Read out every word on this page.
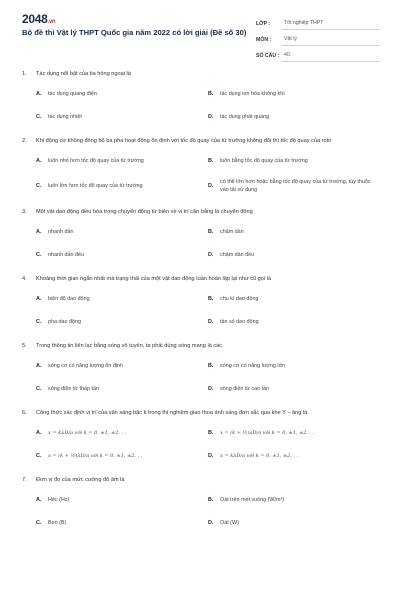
2048.vn
Bộ đề thi Vật lý THPT Quốc gia năm 2022 có lời giải (Đề số 30)
LỚP :	Tốt nghiệp THPT
MÔN :	Vật lý
SỐ CÂU : 40
1.	Tác dụng nổi bật của tia hồng ngoại là
A.	tác dụng quang điện	B.	tác dụng ion hóa không khí
C.	tác dụng nhiệt	D.	tác dụng phát quang
2.	Khi động cơ không đồng bộ ba pha hoạt động ổn định với tốc độ quay của từ trường không đổi thì tốc độ quay của roto
A.	luôn nhỏ hơn tốc độ quay của từ trường	B.	luôn bằng tốc độ quay của từ trường
C.	luôn lớn hơn tốc độ quay của từ trường	D.
có thể lớn hơn hoặc bằng tốc độ quay của từ trường, tùy thuộc vào tải sử dụng
3.	Một vật dao động điều hòa trong chuyển động từ biên về vị trí cân bằng là chuyển động
A.	nhanh dần	B.	chậm dần
C.	nhanh dần đều	D.	chậm dần đều
4.	Khoảng thời gian ngắn nhất mà trạng thái của một vật dao động tuần hoàn lặp lại như cũ gọi là
A.	biên độ dao động	B.	chu kì dao động
C.	pha dao động	D.	tần số dao động
5.	Trong thông tin liên lạc bằng sóng vô tuyến, ta phải dùng sóng mang là các
A.	sóng cơ có năng lượng ổn định	B.	sóng cơ có năng lượng lớn
C.	sóng điện từ thấp tần	D.	sóng điện từ cao tần
6.	Công thức xác định vị trí của vân sáng bậc k trong thí nghiệm giao thoa ánh sáng đơn sắc qua khe Y – âng là
A.	x = kλD/a với k = 0, ±1, ±2. . .	B.	x = (k + ½)λD/a với k = 0, ±1, ±2. . .
C.	x = (k + ½)λD/a với k = 0, ±1, ±2. . .	D.	x = kλD/a với k = 0, ±1, ±2. . .
7.	Đơn vị đo của mức cường độ âm là
A.	Héc (Hz)	B.	Oát trên mét vuông (W/m²)
C.	Ben (B)	D.	Oát (W)
